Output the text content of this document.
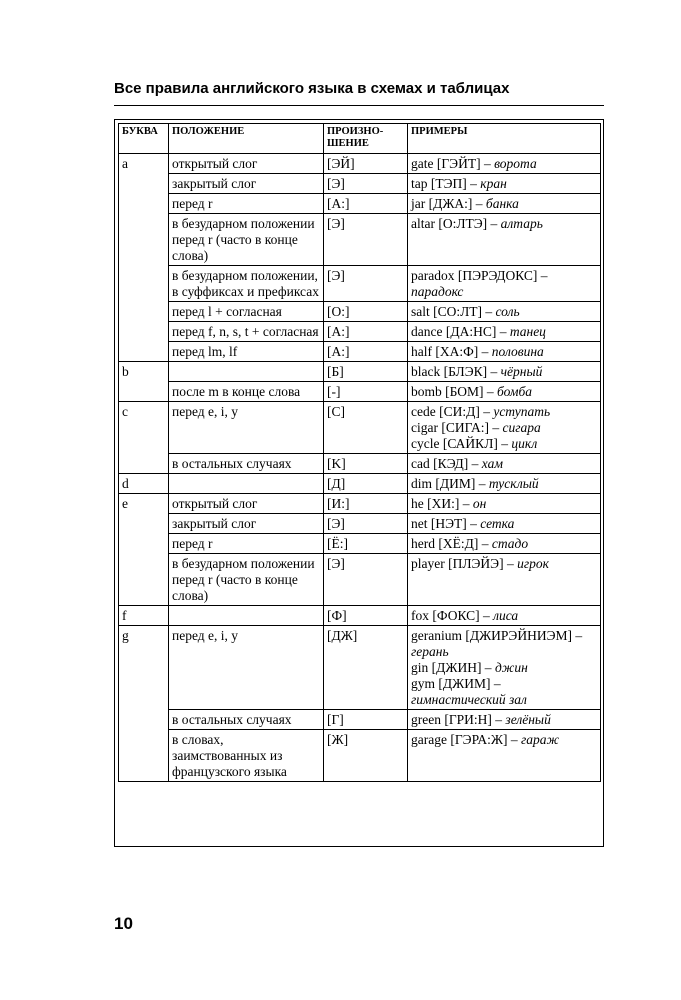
Все правила английского языка в схемах и таблицах
БУКВА	ПОЛОЖЕНИЕ	ПРОИЗНО-ШЕНИЕ	ПРИМЕРЫ
a	открытый слог	[ЭЙ]	gate [ГЭЙТ] – ворота

	закрытый слог	[Э]	tap [ТЭП] – кран

	перед r	[A:]	jar [ДЖА:] – банка

	в безударном положении перед r (часто в конце слова)	[Э]	altar [О:ЛТЭ] – алтарь

	в безударном положении, в суффиксах и префиксах	[Э]	paradox [ПЭРЭДОКС] – парадокс

	перед l + согласная	[О:]	salt [СО:ЛТ] – соль

	перед f, n, s, t + согласная	[A:]	dance [ДА:НС] – танец

	перед lm, lf	[A:]	half [ХА:Ф] – половина

b		[Б]	black [БЛЭК] – чёрный

	после m в конце слова	[-]	bomb [БОМ] – бомба

c	перед e, i, y	[C]	cede [СИ:Д] – уступать
cigar [СИГА:] – сигара
cycle [САЙКЛ] – цикл

	в остальных случаях	[K]	cad [КЭД] – хам

d		[Д]	dim [ДИМ] – тусклый

e	открытый слог	[И:]	he [ХИ:] – он

	закрытый слог	[Э]	net [НЭТ] – сетка

	перед r	[Ё:]	herd [ХЁ:Д] – стадо

	в безударном положении перед r (часто в конце слова)	[Э]	player [ПЛЭЙЭ] – игрок

f		[Ф]	fox [ФОКС] – лиса

g	перед e, i, y	[ДЖ]	geranium [ДЖИРЭЙНИЭМ] – герань
gin [ДЖИН] – джин
gym [ДЖИМ] – гимнастический зал

	в остальных случаях	[Г]	green [ГРИ:Н] – зелёный

	в словах, заимствованных из французского языка	[Ж]	garage [ГЭРА:Ж] – гараж
10
